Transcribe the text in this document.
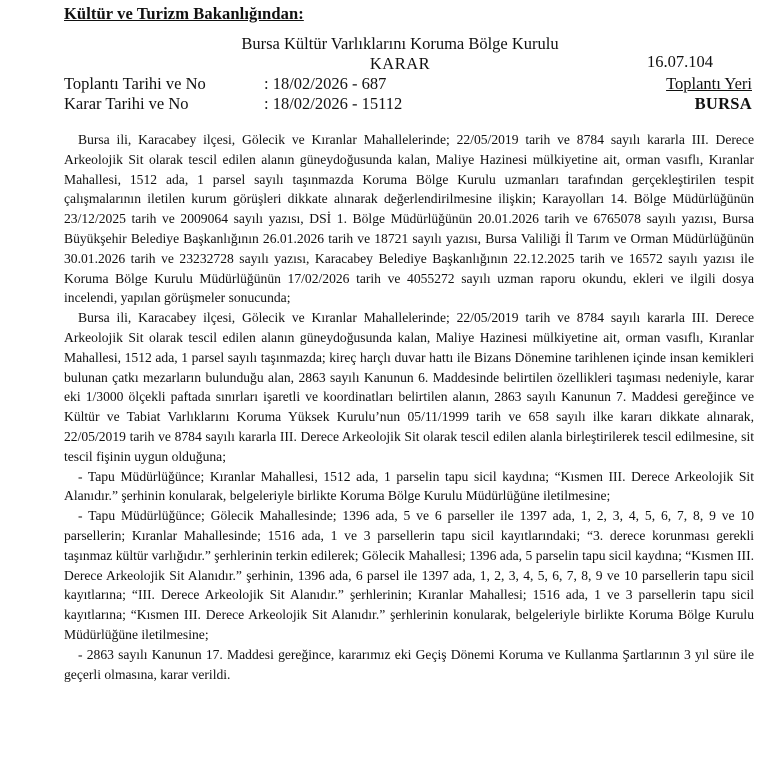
Kültür ve Turizm Bakanlığından:
Bursa Kültür Varlıklarını Koruma Bölge Kurulu
KARAR	16.07.104
Toplantı Tarihi ve No	: 18/02/2026 - 687
Karar Tarihi ve No	: 18/02/2026 - 15112
Toplantı Yeri
BURSA

Bursa ili, Karacabey ilçesi, Gölecik ve Kıranlar Mahallelerinde; 22/05/2019 tarih ve 8784 sayılı kararla III. Derece Arkeolojik Sit olarak tescil edilen alanın güneydoğusunda kalan, Maliye Hazinesi mülkiyetine ait, orman vasıflı, Kıranlar Mahallesi, 1512 ada, 1 parsel sayılı taşınmazda Koruma Bölge Kurulu uzmanları tarafından gerçekleştirilen tespit çalışmalarının iletilen kurum görüşleri dikkate alınarak değerlendirilmesine ilişkin; Karayolları 14. Bölge Müdürlüğünün 23/12/2025 tarih ve 2009064 sayılı yazısı, DSİ 1. Bölge Müdürlüğünün 20.01.2026 tarih ve 6765078 sayılı yazısı, Bursa Büyükşehir Belediye Başkanlığının 26.01.2026 tarih ve 18721 sayılı yazısı, Bursa Valiliği İl Tarım ve Orman Müdürlüğünün 30.01.2026 tarih ve 23232728 sayılı yazısı, Karacabey Belediye Başkanlığının 22.12.2025 tarih ve 16572 sayılı yazısı ile Koruma Bölge Kurulu Müdürlüğünün 17/02/2026 tarih ve 4055272 sayılı uzman raporu okundu, ekleri ve ilgili dosya incelendi, yapılan görüşmeler sonucunda;

Bursa ili, Karacabey ilçesi, Gölecik ve Kıranlar Mahallelerinde; 22/05/2019 tarih ve 8784 sayılı kararla III. Derece Arkeolojik Sit olarak tescil edilen alanın güneydoğusunda kalan, Maliye Hazinesi mülkiyetine ait, orman vasıflı, Kıranlar Mahallesi, 1512 ada, 1 parsel sayılı taşınmazda; kireç harçlı duvar hattı ile Bizans Dönemine tarihlenen içinde insan kemikleri bulunan çatkı mezarların bulunduğu alan, 2863 sayılı Kanunun 6. Maddesinde belirtilen özellikleri taşıması nedeniyle, karar eki 1/3000 ölçekli paftada sınırları işaretli ve koordinatları belirtilen alanın, 2863 sayılı Kanunun 7. Maddesi gereğince ve Kültür ve Tabiat Varlıklarını Koruma Yüksek Kurulu’nun 05/11/1999 tarih ve 658 sayılı ilke kararı dikkate alınarak, 22/05/2019 tarih ve 8784 sayılı kararla III. Derece Arkeolojik Sit olarak tescil edilen alanla birleştirilerek tescil edilmesine, sit tescil fişinin uygun olduğuna;

- Tapu Müdürlüğünce; Kıranlar Mahallesi, 1512 ada, 1 parselin tapu sicil kaydına; “Kısmen III. Derece Arkeolojik Sit Alanıdır.” şerhinin konularak, belgeleriyle birlikte Koruma Bölge Kurulu Müdürlüğüne iletilmesine;

- Tapu Müdürlüğünce; Gölecik Mahallesinde; 1396 ada, 5 ve 6 parseller ile 1397 ada, 1, 2, 3, 4, 5, 6, 7, 8, 9 ve 10 parsellerin; Kıranlar Mahallesinde; 1516 ada, 1 ve 3 parsellerin tapu sicil kayıtlarındaki; “3. derece korunması gerekli taşınmaz kültür varlığıdır.” şerhlerinin terkin edilerek; Gölecik Mahallesi; 1396 ada, 5 parselin tapu sicil kaydına; “Kısmen III. Derece Arkeolojik Sit Alanıdır.” şerhinin, 1396 ada, 6 parsel ile 1397 ada, 1, 2, 3, 4, 5, 6, 7, 8, 9 ve 10 parsellerin tapu sicil kayıtlarına; “III. Derece Arkeolojik Sit Alanıdır.” şerhlerinin; Kıranlar Mahallesi; 1516 ada, 1 ve 3 parsellerin tapu sicil kayıtlarına; “Kısmen III. Derece Arkeolojik Sit Alanıdır.” şerhlerinin konularak, belgeleriyle birlikte Koruma Bölge Kurulu Müdürlüğüne iletilmesine;

- 2863 sayılı Kanunun 17. Maddesi gereğince, kararımız eki Geçiş Dönemi Koruma ve Kullanma Şartlarının 3 yıl süre ile geçerli olmasına, karar verildi.
